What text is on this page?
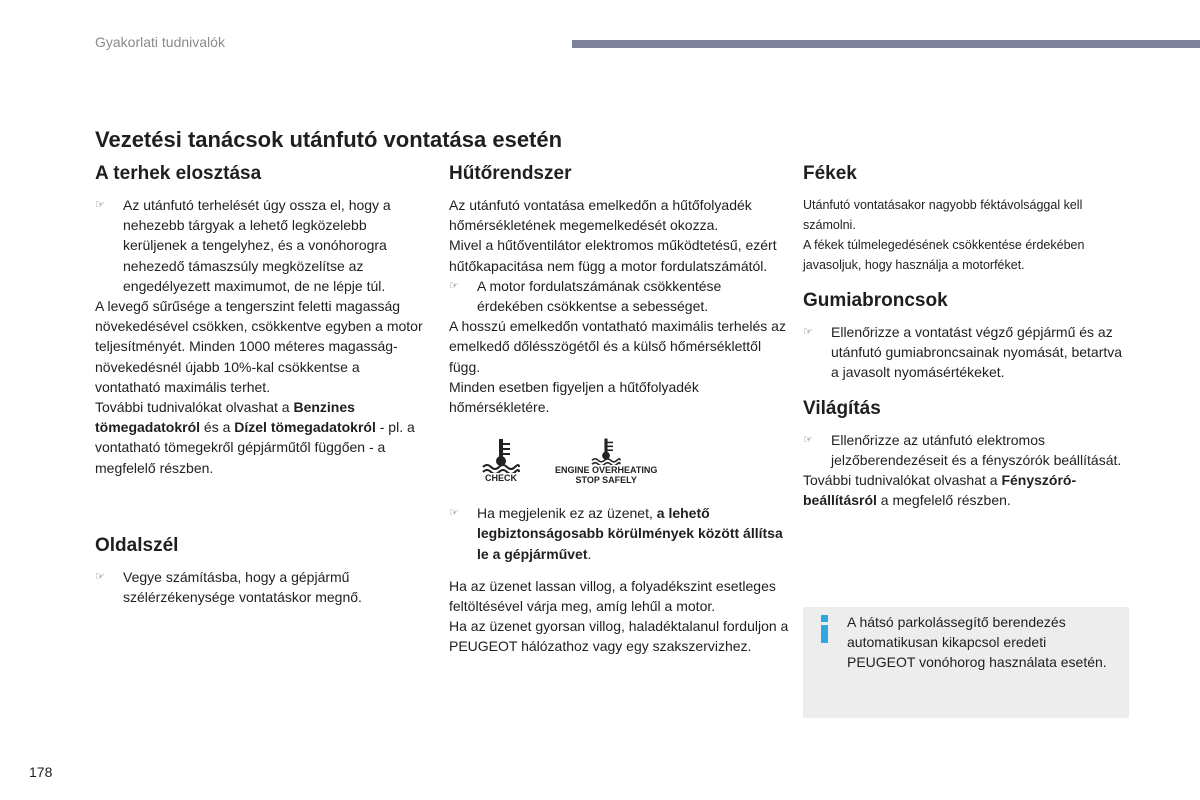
Gyakorlati tudnivalók
Vezetési tanácsok utánfutó vontatása esetén
A terhek elosztása

☞ Az utánfutó terhelését úgy ossza el, hogy a nehezebb tárgyak a lehető legközelebb kerüljenek a tengelyhez, és a vonóhorogra nehezedő támaszsúly megközelítse az engedélyezett maximumot, de ne lépje túl.

A levegő sűrűsége a tengerszint feletti magasság növekedésével csökken, csökkentve egyben a motor teljesítményét. Minden 1000 méteres magasság-növekedésnél újabb 10%-kal csökkentse a vontatható maximális terhet.

További tudnivalókat olvashat a Benzines tömegadatokról és a Dízel tömegadatokról - pl. a vontatható tömegekről gépjárműtől függően - a megfelelő részben.

Oldalszél

☞ Vegye számításba, hogy a gépjármű szélérzékenysége vontatáskor megnő.

Hűtőrendszer

Az utánfutó vontatása emelkedőn a hűtőfolyadék hőmérsékletének megemelkedését okozza.

Mivel a hűtőventilátor elektromos működtetésű, ezért hűtőkapacitása nem függ a motor fordulatszámától.

☞ A motor fordulatszámának csökkentése érdekében csökkentse a sebességet.

A hosszú emelkedőn vontatható maximális terhelés az emelkedő dőlésszögétől és a külső hőmérséklettől függ.

Minden esetben figyeljen a hűtőfolyadék hőmérsékletére.

CHECK
ENGINE OVERHEATING
STOP SAFELY

☞ Ha megjelenik ez az üzenet, a lehető legbiztonságosabb körülmények között állítsa le a gépjárművet.

Ha az üzenet lassan villog, a folyadékszint esetleges feltöltésével várja meg, amíg lehűl a motor.

Ha az üzenet gyorsan villog, haladéktalanul forduljon a PEUGEOT hálózathoz vagy egy szakszervizhez.

Fékek

Utánfutó vontatásakor nagyobb féktávolsággal kell számolni.

A fékek túlmelegedésének csökkentése érdekében javasoljuk, hogy használja a motorféket.

Gumiabroncsok

☞ Ellenőrizze a vontatást végző gépjármű és az utánfutó gumiabroncsainak nyomását, betartva a javasolt nyomásértékeket.

Világítás

☞ Ellenőrizze az utánfutó elektromos jelzőberendezéseit és a fényszórók beállítását.

További tudnivalókat olvashat a Fényszóró-beállításról a megfelelő részben.

A hátsó parkolássegítő berendezés automatikusan kikapcsol eredeti PEUGEOT vonóhorog használata esetén.
178
